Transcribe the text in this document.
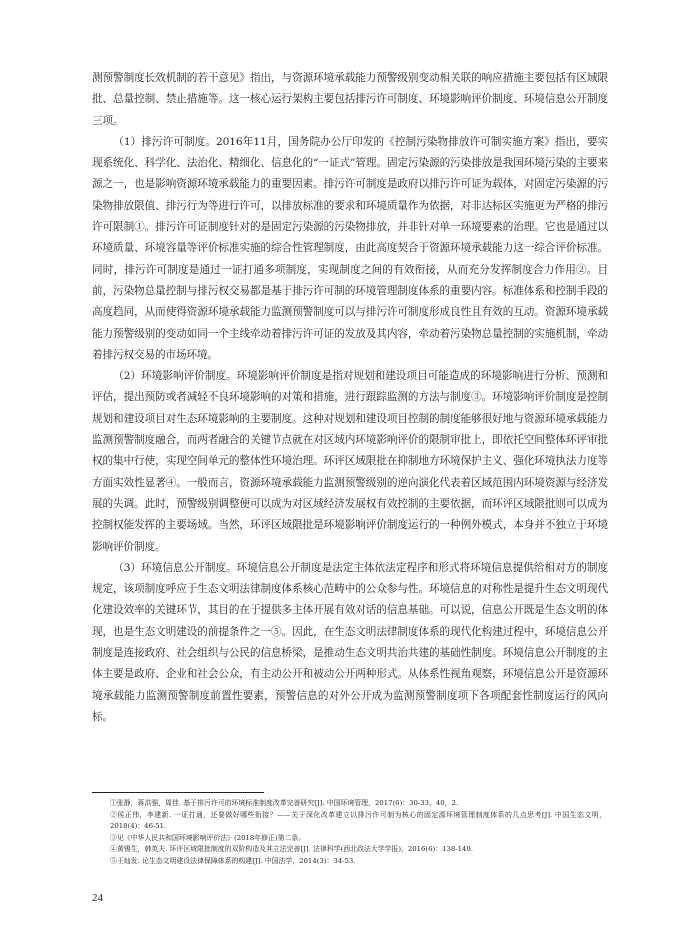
测预警制度长效机制的若干意见》指出，与资源环境承载能力预警级别变动相关联的响应措施主要包括有区域限批、总量控制、禁止措施等。这一核心运行架构主要包括排污许可制度、环境影响评价制度、环境信息公开制度三项。

（1）排污许可制度。2016年11月，国务院办公厅印发的《控制污染物排放许可制实施方案》指出，要实现系统化、科学化、法治化、精细化、信息化的“一证式”管理。固定污染源的污染排放是我国环境污染的主要来源之一，也是影响资源环境承载能力的重要因素。排污许可制度是政府以排污许可证为载体，对固定污染源的污染物排放限值、排污行为等进行许可，以排放标准的要求和环境质量作为依据，对非达标区实施更为严格的排污许可限制①。排污许可证制度针对的是固定污染源的污染物排放，并非针对单一环境要素的治理。它也是通过以环境质量、环境容量等评价标准实施的综合性管理制度，由此高度契合于资源环境承载能力这一综合评价标准。同时，排污许可制度是通过一证打通多项制度，实现制度之间的有效衔接，从而充分发挥制度合力作用②。目前，污染物总量控制与排污权交易都是基于排污许可制的环境管理制度体系的重要内容。标准体系和控制手段的高度趋同，从而使得资源环境承载能力监测预警制度可以与排污许可制度形成良性且有效的互动。资源环境承载能力预警级别的变动如同一个主线牵动着排污许可证的发放及其内容，牵动着污染物总量控制的实施机制，牵动着排污权交易的市场环境。

（2）环境影响评价制度。环境影响评价制度是指对规划和建设项目可能造成的环境影响进行分析、预测和评估，提出预防或者减轻不良环境影响的对策和措施，进行跟踪监测的方法与制度③。环境影响评价制度是控制规划和建设项目对生态环境影响的主要制度。这种对规划和建设项目控制的制度能够很好地与资源环境承载能力监测预警制度融合，而两者融合的关键节点就在对区域内环境影响评价的限制审批上，即依托空间整体环评审批权的集中行使，实现空间单元的整体性环境治理。环评区域限批在抑制地方环境保护主义、强化环境执法力度等方面实效性显著④。一般而言，资源环境承载能力监测预警级别的逆向演化代表着区域范围内环境资源与经济发展的失调。此时，预警级别调整便可以成为对区域经济发展权有效控制的主要依据，而环评区域限批则可以成为控制权能发挥的主要场域。当然，环评区域限批是环境影响评价制度运行的一种例外模式，本身并不独立于环境影响评价制度。

（3）环境信息公开制度。环境信息公开制度是法定主体依法定程序和形式将环境信息提供给相对方的制度规定，该项制度呼应于生态文明法律制度体系核心范畴中的公众参与性。环境信息的对称性是提升生态文明现代化建设效率的关键环节，其目的在于提供多主体开展有效对话的信息基础。可以说，信息公开既是生态文明的体现，也是生态文明建设的前提条件之一⑤。因此，在生态文明法律制度体系的现代化构建过程中，环境信息公开制度是连接政府、社会组织与公民的信息桥梁，是推动生态文明共治共建的基础性制度。环境信息公开制度的主体主要是政府、企业和社会公众，有主动公开和被动公开两种形式。从体系性视角观察，环境信息公开是资源环境承载能力监测预警制度前置性要素，预警信息的对外公开成为监测预警制度项下各项配套性制度运行的风向标。

①张静，蒋洪强，周佳. 基于排污许可的环境标准制度改革完善研究[J]. 中国环境管理，2017(6)：30-33，40，2.

②侯正伟，李建新. 一证打通，还要做好哪些衔接？——关于深化改革建立以排污许可制为核心的固定源环境管理制度体系的几点思考[J]. 中国生态文明，2018(4)：46-51.

③见《中华人民共和国环境影响评价法》(2018年修正)第二条。

④黄锡生，韩英夫. 环评区域限批制度的双阶构造及其立法完善[J]. 法律科学(西北政法大学学报)，2016(6)：138-149.

⑤王灿发. 论生态文明建设法律保障体系的构建[J]. 中国法学，2014(3)：34-53.

24
